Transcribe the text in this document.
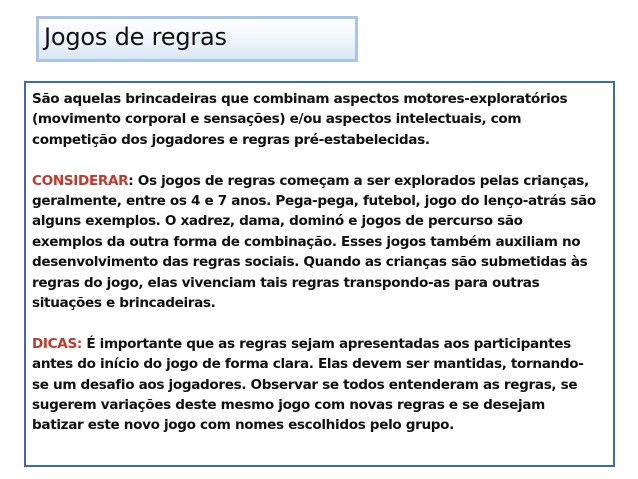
Jogos de regras
São aquelas brincadeiras que combinam aspectos motores-exploratórios
(movimento corporal e sensações) e/ou aspectos intelectuais, com
competição dos jogadores e regras pré-estabelecidas.
CONSIDERAR: Os jogos de regras começam a ser explorados pelas crianças,
geralmente, entre os 4 e 7 anos. Pega-pega, futebol, jogo do lenço-atrás são
alguns exemplos. O xadrez, dama, dominó e jogos de percurso são
exemplos da outra forma de combinação. Esses jogos também auxiliam no
desenvolvimento das regras sociais. Quando as crianças são submetidas às
regras do jogo, elas vivenciam tais regras transpondo-as para outras
situações e brincadeiras.
DICAS: É importante que as regras sejam apresentadas aos participantes
antes do início do jogo de forma clara. Elas devem ser mantidas, tornando-
se um desafio aos jogadores. Observar se todos entenderam as regras, se
sugerem variações deste mesmo jogo com novas regras e se desejam
batizar este novo jogo com nomes escolhidos pelo grupo.
